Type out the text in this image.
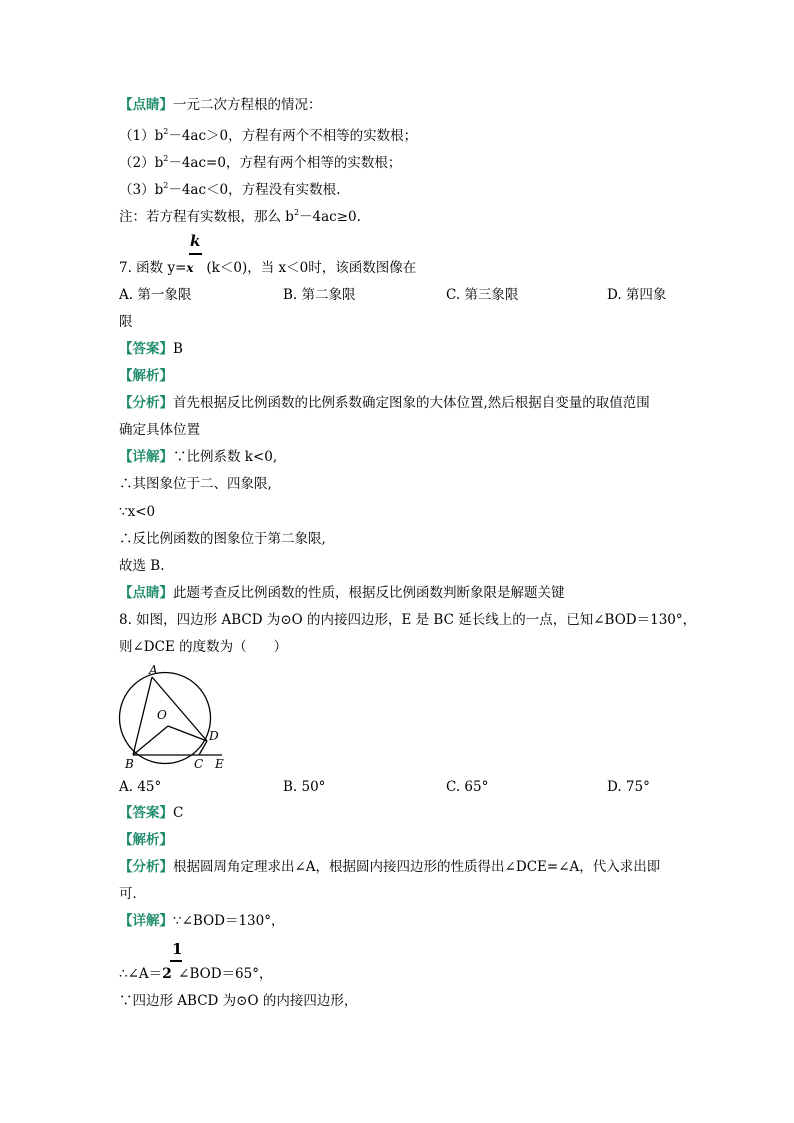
【点睛】一元二次方程根的情况：
$(1)b^2-4ac>0$，方程有两个不相等的实数根；
$(2)b^2-4ac=0$，方程有两个相等的实数根；
$(3)b^2-4ac<0$，方程没有实数根.
注：若方程有实数根，那么 $b^2-4ac\ge 0$.
k
7. 函数 y=x (k＜0)，当 x＜0时，该函数图像在
A. 第一象限	B. 第二象限	C. 第三象限	D. 第四象
限
【答案】B
【解析】
【分析】首先根据反比例函数的比例系数确定图象的大体位置,然后根据自变量的取值范围
确定具体位置
【详解】∵比例系数 k<0,
∴其图象位于二、四象限,
∵x<0
∴反比例函数的图象位于第二象限,
故选 B.
【点睛】此题考查反比例函数的性质，根据反比例函数判断象限是解题关键
8. 如图，四边形 ABCD 为⊙O 的内接四边形，E 是 BC 延长线上的一点，已知∠BOD＝130°，
则∠DCE 的度数为（　　）
A
O
D
B	C E
A. 45°	B. 50°	C. 65°	D. 75°
【答案】C
【解析】
【分析】根据圆周角定理求出∠A，根据圆内接四边形的性质得出∠DCE=∠A，代入求出即
可．
【详解】∵∠BOD＝130°，
1
∴∠A＝2 ∠BOD＝65°，
∵四边形 ABCD 为⊙O 的内接四边形，
